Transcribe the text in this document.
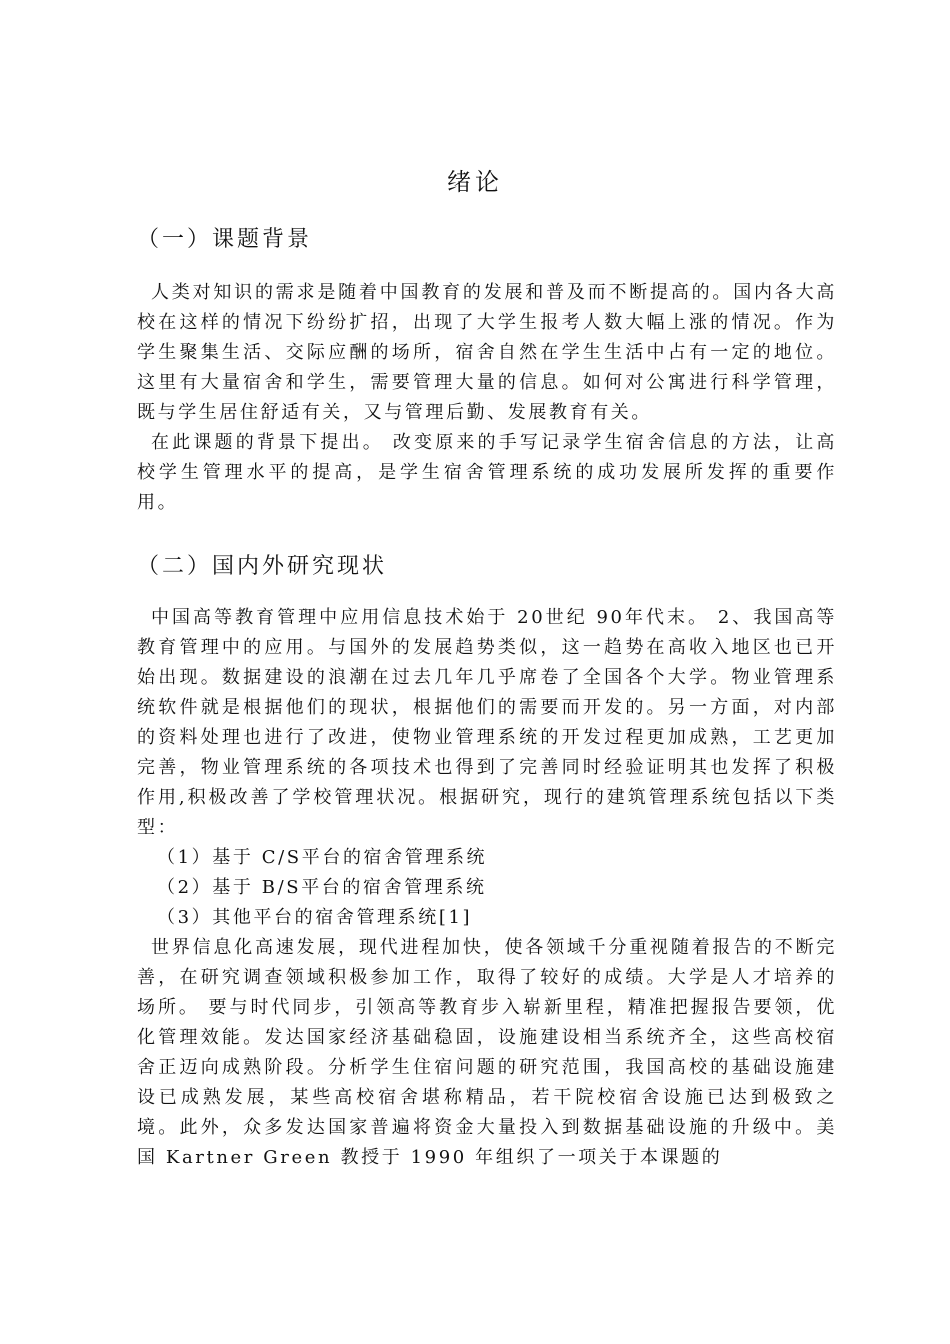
绪论
（一）课题背景

人类对知识的需求是随着中国教育的发展和普及而不断提高的。国内各大高校在这样的情况下纷纷扩招，出现了大学生报考人数大幅上涨的情况。作为学生聚集生活、交际应酬的场所，宿舍自然在学生生活中占有一定的地位。这里有大量宿舍和学生，需要管理大量的信息。如何对公寓进行科学管理，既与学生居住舒适有关，又与管理后勤、发展教育有关。

在此课题的背景下提出。 改变原来的手写记录学生宿舍信息的方法，让高校学生管理水平的提高，是学生宿舍管理系统的成功发展所发挥的重要作用。

（二）国内外研究现状

中国高等教育管理中应用信息技术始于 20世纪 90年代末。 2、我国高等教育管理中的应用。与国外的发展趋势类似，这一趋势在高收入地区也已开始出现。数据建设的浪潮在过去几年几乎席卷了全国各个大学。物业管理系统软件就是根据他们的现状，根据他们的需要而开发的。另一方面，对内部的资料处理也进行了改进，使物业管理系统的开发过程更加成熟，工艺更加完善，物业管理系统的各项技术也得到了完善同时经验证明其也发挥了积极作用,积极改善了学校管理状况。根据研究，现行的建筑管理系统包括以下类型：

（1）基于 C/S平台的宿舍管理系统

（2）基于 B/S平台的宿舍管理系统

（3）其他平台的宿舍管理系统[1]

世界信息化高速发展，现代进程加快，使各领域千分重视随着报告的不断完善，在研究调查领域积极参加工作，取得了较好的成绩。大学是人才培养的场所。 要与时代同步，引领高等教育步入崭新里程，精准把握报告要领，优化管理效能。发达国家经济基础稳固，设施建设相当系统齐全，这些高校宿舍正迈向成熟阶段。分析学生住宿问题的研究范围，我国高校的基础设施建设已成熟发展，某些高校宿舍堪称精品，若干院校宿舍设施已达到极致之境。此外，众多发达国家普遍将资金大量投入到数据基础设施的升级中。美国 Kartner Green 教授于 1990 年组织了一项关于本课题的
